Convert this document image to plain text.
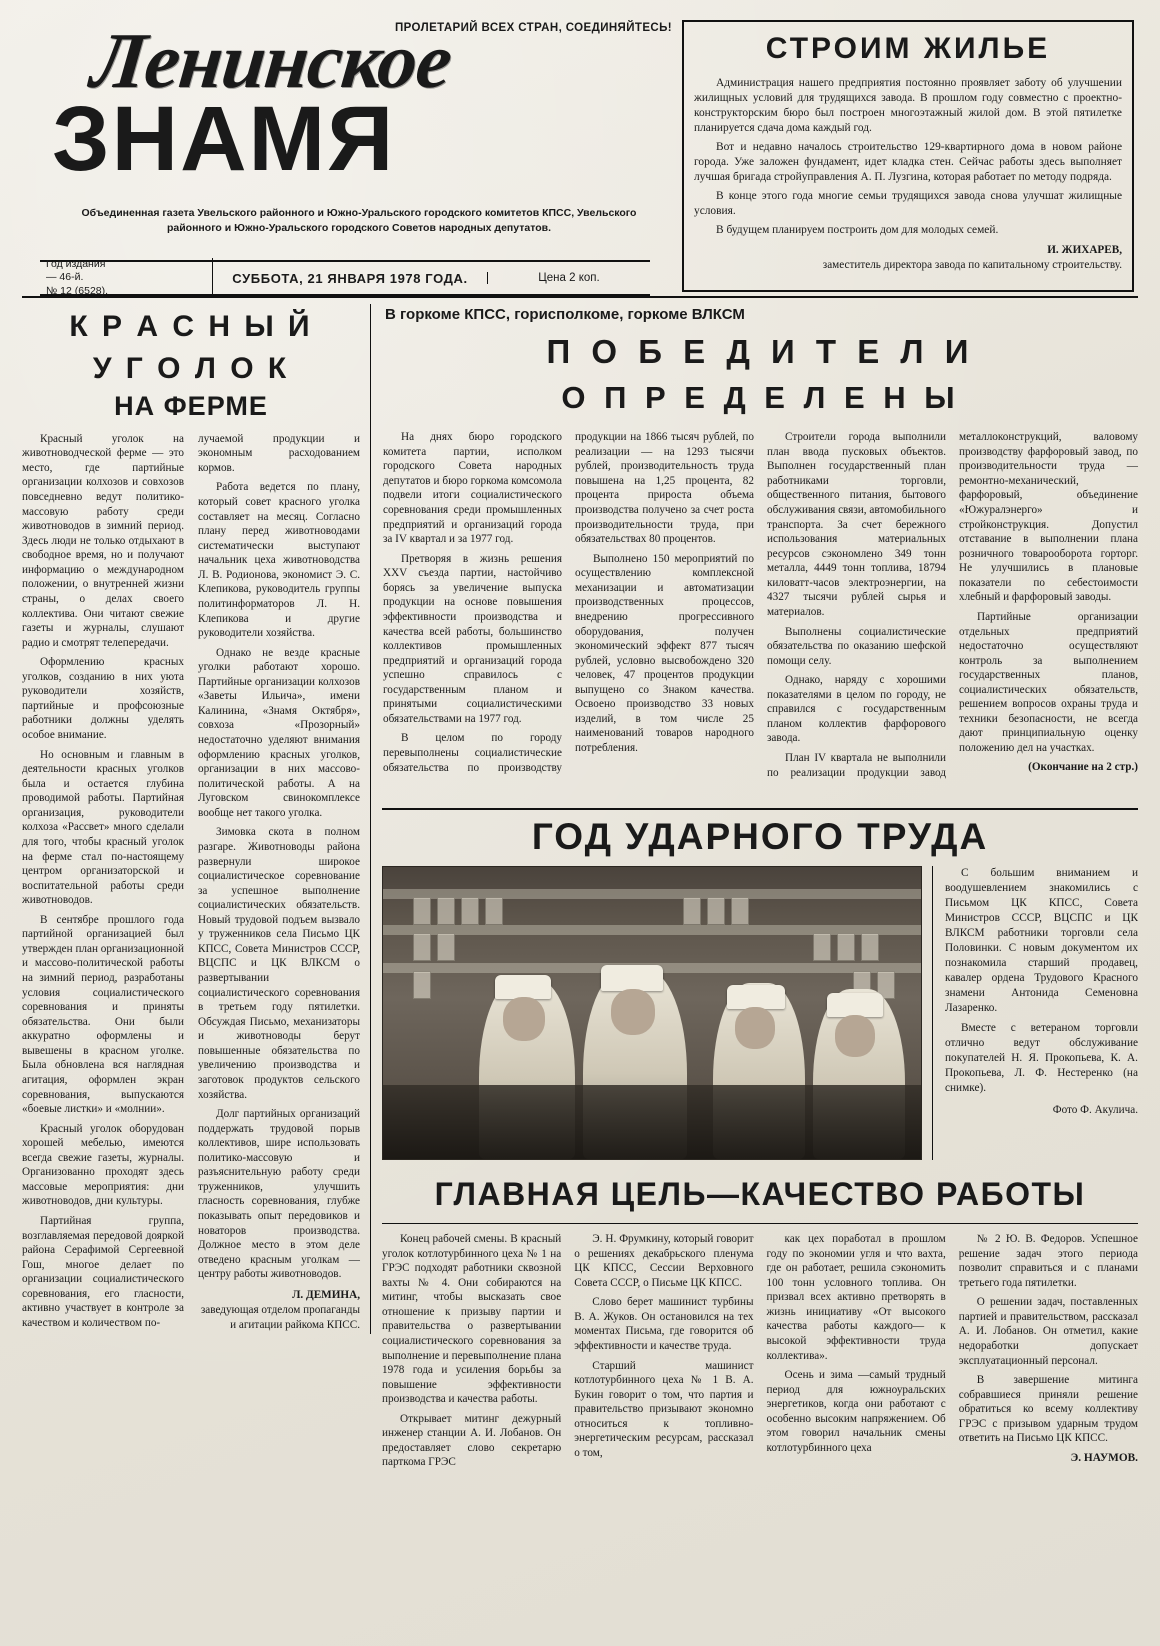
ПРОЛЕТАРИЙ ВСЕХ СТРАН, СОЕДИНЯЙТЕСЬ!
Ленинское
ЗНАМЯ
Объединенная газета Увельского районного и Южно-Уральского городского комитетов КПСС, Увельского районного и Южно-Уральского городского Советов народных депутатов.
Год издания
— 46-й.
№ 12 (6528).
СУББОТА, 21 ЯНВАРЯ 1978 ГОДА.	Цена 2 коп.
СТРОИМ ЖИЛЬЕ

Администрация нашего предприятия постоянно проявляет заботу об улучшении жилищных условий для трудящихся завода. В прошлом году совместно с проектно-конструкторским бюро был построен многоэтажный жилой дом. В этой пятилетке планируется сдача дома каждый год.

Вот и недавно началось строительство 129-квартирного дома в новом районе города. Уже заложен фундамент, идет кладка стен. Сейчас работы здесь выполняет лучшая бригада стройуправления А. П. Лузгина, которая работает по методу подряда.

В конце этого года многие семьи трудящихся завода снова улучшат жилищные условия.

В будущем планируем построить дом для молодых семей.

И. ЖИХАРЕВ,
заместитель директора завода по капитальному строительству.
К Р А С Н Ы Й
У Г О Л О К
НА ФЕРМЕ

Красный уголок на животноводческой ферме — это место, где партийные организации колхозов и совхозов повседневно ведут политико-массовую работу среди животноводов в зимний период. Здесь люди не только отдыхают в свободное время, но и получают информацию о международном положении, о внутренней жизни страны, о делах своего коллектива. Они читают свежие газеты и журналы, слушают радио и смотрят телепередачи.

Оформлению красных уголков, созданию в них уюта руководители хозяйств, партийные и профсоюзные работники должны уделять особое внимание.

Но основным и главным в деятельности красных уголков была и остается глубина проводимой работы. Партийная организация, руководители колхоза «Рассвет» много сделали для того, чтобы красный уголок на ферме стал по-настоящему центром организаторской и воспитательной работы среди животноводов.

В сентябре прошлого года партийной организацией был утвержден план организационной и массово-политической работы на зимний период, разработаны условия социалистического соревнования и приняты обязательства. Они были аккуратно оформлены и вывешены в красном уголке. Была обновлена вся наглядная агитация, оформлен экран соревнования, выпускаются «боевые листки» и «молнии».

Красный уголок оборудован хорошей мебелью, имеются всегда свежие газеты, журналы. Организованно проходят здесь массовые мероприятия: дни животноводов, дни культуры.

Партийная группа, возглавляемая передовой дояркой района Серафимой Сергеевной Гош, многое делает по организации социалистического соревнования, его гласности, активно участвует в контроле за качеством и количеством по-

лучаемой продукции и экономным расходованием кормов.

Работа ведется по плану, который совет красного уголка составляет на месяц. Согласно плану перед животноводами систематически выступают начальник цеха животноводства Л. В. Родионова, экономист Э. С. Клепикова, руководитель группы политинформаторов Л. Н. Клепикова и другие руководители хозяйства.

Однако не везде красные уголки работают хорошо. Партийные организации колхозов «Заветы Ильича», имени Калинина, «Знамя Октября», совхоза «Прозорный» недостаточно уделяют внимания оформлению красных уголков, организации в них массово-политической работы. А на Луговском свинокомплексе вообще нет такого уголка.

Зимовка скота в полном разгаре. Животноводы района развернули широкое социалистическое соревнование за успешное выполнение социалистических обязательств. Новый трудовой подъем вызвало у труженников села Письмо ЦК КПСС, Совета Министров СССР, ВЦСПС и ЦК ВЛКСМ о развертывании социалистического соревнования в третьем году пятилетки. Обсуждая Письмо, механизаторы и животноводы берут повышенные обязательства по увеличению производства и заготовок продуктов сельского хозяйства.

Долг партийных организаций поддержать трудовой порыв коллективов, шире использовать политико-массовую и разъяснительную работу среди труженников, улучшить гласность соревнования, глубже показывать опыт передовиков и новаторов производства. Должное место в этом деле отведено красным уголкам — центру работы животноводов.

Л. ДЕМИНА,
заведующая отделом пропаганды и агитации райкома КПСС.
В горкоме КПСС, горисполкоме, горкоме ВЛКСМ
П О Б Е Д И Т Е Л И
О П Р Е Д Е Л Е Н Ы

На днях бюро городского комитета партии, исполком городского Совета народных депутатов и бюро горкома комсомола подвели итоги социалистического соревнования среди промышленных предприятий и организаций города за IV квартал и за 1977 год.

Претворяя в жизнь решения XXV съезда партии, настойчиво борясь за увеличение выпуска продукции на основе повышения эффективности производства и качества всей работы, большинство коллективов промышленных предприятий и организаций города успешно справилось с государственным планом и принятыми социалистическими обязательствами на 1977 год.

В целом по городу перевыполнены социалистические обязательства по производству продукции на 1866 тысяч рублей, по реализации — на 1293 тысячи рублей, производительность труда повышена на 1,25 процента, 82 процента прироста объема производства получено за счет роста производительности труда, при обязательствах 80 процентов.

Выполнено 150 мероприятий по осуществлению комплексной механизации и автоматизации производственных процессов, внедрению прогрессивного оборудования, получен экономический эффект 877 тысяч рублей, условно высвобождено 320 человек, 47 процентов продукции выпущено со Знаком качества. Освоено производство 33 новых изделий, в том числе 25 наименований товаров народного потребления.

Строители города выполнили план ввода пусковых объектов. Выполнен государственный план работниками торговли, общественного питания, бытового обслуживания связи, автомобильного транспорта. За счет бережного использования материальных ресурсов сэкономлено 349 тонн металла, 4449 тонн топлива, 18794 киловатт-часов электроэнергии, на 4327 тысячи рублей сырья и материалов.

Выполнены социалистические обязательства по оказанию шефской помощи селу.

Однако, наряду с хорошими показателями в целом по городу, не справился с государственным планом коллектив фарфорового завода.

План IV квартала не выполнили по реализации продукции завод металлоконструкций, валовому производству фарфоровый завод, по производительности труда — ремонтно-механический, фарфоровый, объединение «Южуралэнерго» и стройконструкция. Допустил отставание в выполнении плана розничного товарооборота горторг. Не улучшились в плановые показатели по себестоимости хлебный и фарфоровый заводы.

Партийные организации отдельных предприятий недостаточно осуществляют контроль за выполнением государственных планов, социалистических обязательств, решением вопросов охраны труда и техники безопасности, не всегда дают принципиальную оценку положению дел на участках.

(Окончание на 2 стр.)
ГОД УДАРНОГО ТРУДА

С большим вниманием и воодушевлением знакомились с Письмом ЦК КПСС, Совета Министров СССР, ВЦСПС и ЦК ВЛКСМ работники торговли села Половинки. С новым документом их познакомила старший продавец, кавалер ордена Трудового Красного знамени Антонида Семеновна Лазаренко.

Вместе с ветераном торговли отлично ведут обслуживание покупателей Н. Я. Прокопьева, К. А. Прокопьева, Л. Ф. Нестеренко (на снимке).

Фото Ф. Акулича.
ГЛАВНАЯ ЦЕЛЬ—КАЧЕСТВО РАБОТЫ

Конец рабочей смены. В красный уголок котлотурбинного цеха № 1 на ГРЭС подходят работники сквозной вахты № 4. Они собираются на митинг, чтобы высказать свое отношение к призыву партии и правительства о развертывании социалистического соревнования за выполнение и перевыполнение плана 1978 года и усиления борьбы за повышение эффективности производства и качества работы.

Открывает митинг дежурный инженер станции А. И. Лобанов. Он предоставляет слово секретарю парткома ГРЭС

Э. Н. Фрумкину, который говорит о решениях декабрьского пленума ЦК КПСС, Сессии Верховного Совета СССР, о Письме ЦК КПСС.

Слово берет машинист турбины В. А. Жуков. Он остановился на тех моментах Письма, где говорится об эффективности и качестве труда.

Старший машинист котлотурбинного цеха № 1 В. А. Букин говорит о том, что партия и правительство призывают экономно относиться к топливно-энергетическим ресурсам, рассказал о том,

как цех поработал в прошлом году по экономии угля и что вахта, где он работает, решила сэкономить 100 тонн условного топлива. Он призвал всех активно претворять в жизнь инициативу «От высокого качества работы каждого— к высокой эффективности труда коллектива».

Осень и зима —самый трудный период для южноуральских энергетиков, когда они работают с особенно высоким напряжением. Об этом говорил начальник смены котлотурбинного цеха

№ 2 Ю. В. Федоров. Успешное решение задач этого периода позволит справиться и с планами третьего года пятилетки.

О решении задач, поставленных партией и правительством, рассказал А. И. Лобанов. Он отметил, какие недоработки допускает эксплуатационный персонал.

В завершение митинга собравшиеся приняли решение обратиться ко всему коллективу ГРЭС с призывом ударным трудом ответить на Письмо ЦК КПСС.

Э. НАУМОВ.
